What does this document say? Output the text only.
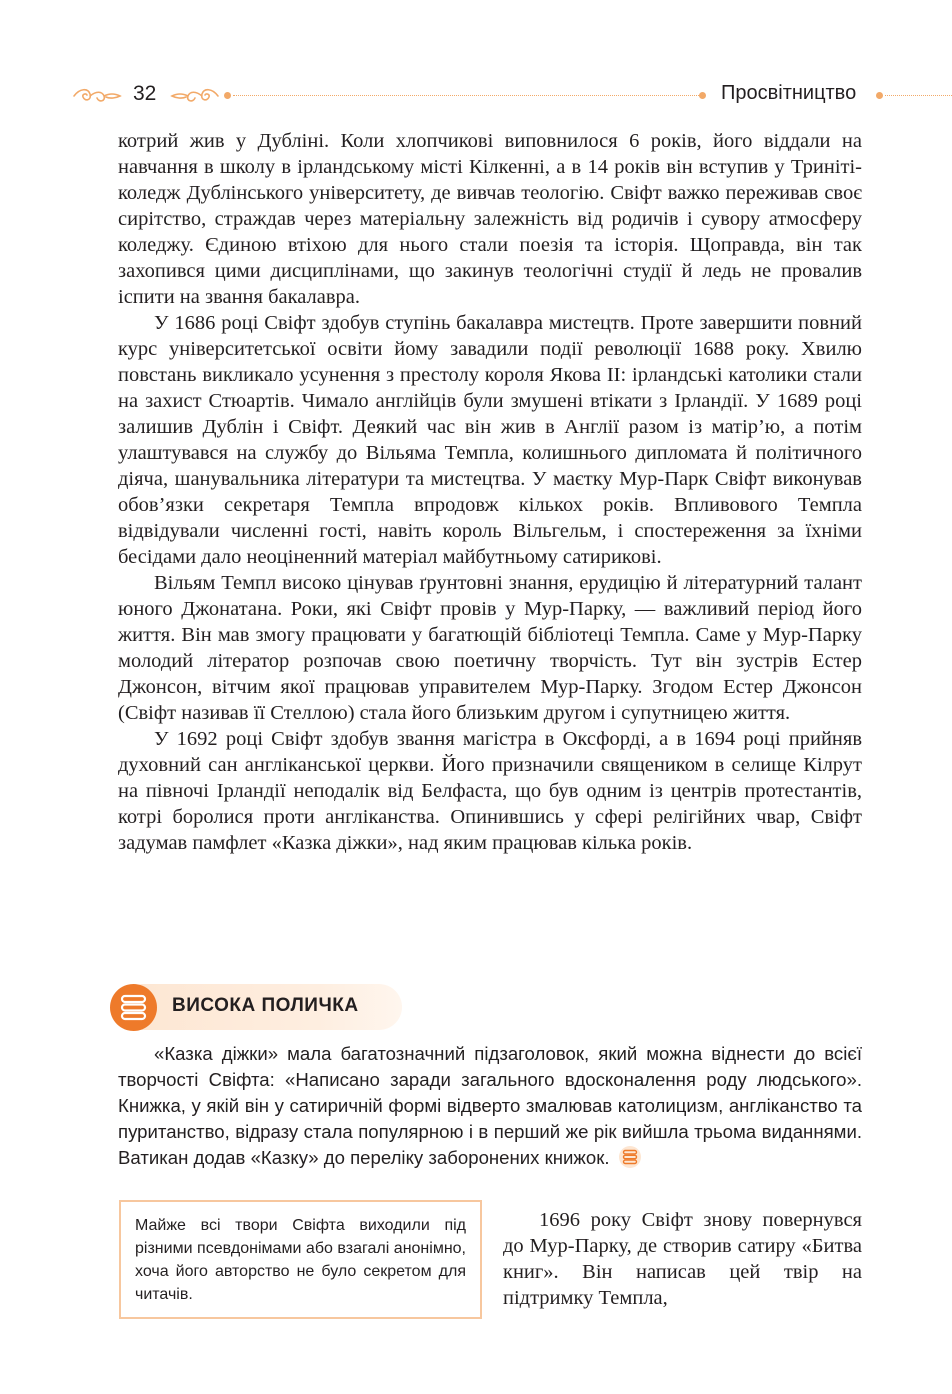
32	Просвітництво

котрий жив у Дубліні. Коли хлопчикові виповнилося 6 років, його віддали на навчання в школу в ірландському місті Кілкенні, а в 14 років він вступив у Триніті-коледж Дублінського університету, де вивчав теологію. Свіфт важко переживав своє сирітство, страждав через матеріальну залежність від родичів і сувору атмосферу коледжу. Єдиною втіхою для нього стали поезія та історія. Щоправда, він так захопився цими дисциплінами, що закинув теологічні студії й ледь не провалив іспити на звання бакалавра.

У 1686 році Свіфт здобув ступінь бакалавра мистецтв. Проте завершити повний курс університетської освіти йому завадили події революції 1688 року. Хвилю повстань викликало усунення з престолу короля Якова ІІ: ірландські католики стали на захист Стюартів. Чимало англійців були змушені втікати з Ірландії. У 1689 році залишив Дублін і Свіфт. Деякий час він жив в Англії разом із матір’ю, а потім улаштувався на службу до Вільяма Темпла, колишнього дипломата й політичного діяча, шанувальника літератури та мистецтва. У маєтку Мур-Парк Свіфт виконував обов’язки секретаря Темпла впродовж кількох років. Впливового Темпла відвідували численні гості, навіть король Вільгельм, і спостереження за їхніми бесідами дало неоціненний матеріал майбутньому сатирикові.

Вільям Темпл високо цінував ґрунтовні знання, ерудицію й літературний талант юного Джонатана. Роки, які Свіфт провів у Мур-Парку, — важливий період його життя. Він мав змогу працювати у багатющій бібліотеці Темпла. Саме у Мур-Парку молодий літератор розпочав свою поетичну творчість. Тут він зустрів Естер Джонсон, вітчим якої працював управителем Мур-Парку. Згодом Естер Джонсон (Свіфт називав її Стеллою) стала його близьким другом і супутницею життя.

У 1692 році Свіфт здобув звання магістра в Оксфорді, а в 1694 році прийняв духовний сан англіканської церкви. Його призначили священиком в селище Кілрут на півночі Ірландії неподалік від Белфаста, що був одним із центрів протестантів, котрі боролися проти англіканства. Опинившись у сфері релігійних чвар, Свіфт задумав памфлет «Казка діжки», над яким працював кілька років.

ВИСОКА ПОЛИЧКА

«Казка діжки» мала багатозначний підзаголовок, який можна віднести до всієї творчості Свіфта: «Написано заради загального вдосконалення роду людського». Книжка, у якій він у сатиричній формі відверто змалював католицизм, англіканство та пуританство, відразу стала популярною і в перший же рік вийшла трьома виданнями. Ватикан додав «Казку» до переліку заборонених книжок.

Майже всі твори Свіфта виходили під різними псевдонімами або взагалі анонімно, хоча його авторство не було секретом для читачів.

1696 року Свіфт знову повернувся до Мур-Парку, де створив сатиру «Битва книг». Він написав цей твір на підтримку Темпла,
